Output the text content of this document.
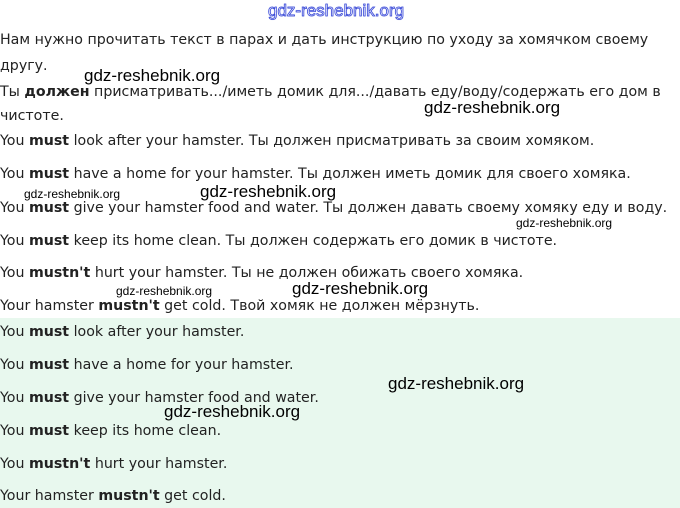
Нам нужно прочитать текст в парах и дать инструкцию по уходу за хомячком своему
другу.
Ты должен присматривать.../иметь домик для.../давать еду/воду/содержать его дом в
чистоте.
You must look after your hamster. Ты должен присматривать за своим хомяком.
You must have a home for your hamster. Ты должен иметь домик для своего хомяка.
You must give your hamster food and water. Ты должен давать своему хомяку еду и воду.
You must keep its home clean. Ты должен содержать его домик в чистоте.
You mustn't hurt your hamster. Ты не должен обижать своего хомяка.
Your hamster mustn't get cold. Твой хомяк не должен мёрзнуть.
You must look after your hamster.
You must have a home for your hamster.
You must give your hamster food and water.
You must keep its home clean.
You mustn't hurt your hamster.
Your hamster mustn't get cold.
gdz-reshebnik.org
gdz-reshebnik.org
gdz-reshebnik.org
gdz-reshebnik.org
gdz-reshebnik.org
gdz-reshebnik.org
gdz-reshebnik.org	gdz-reshebnik.org
gdz-reshebnik.org
gdz-reshebnik.org
